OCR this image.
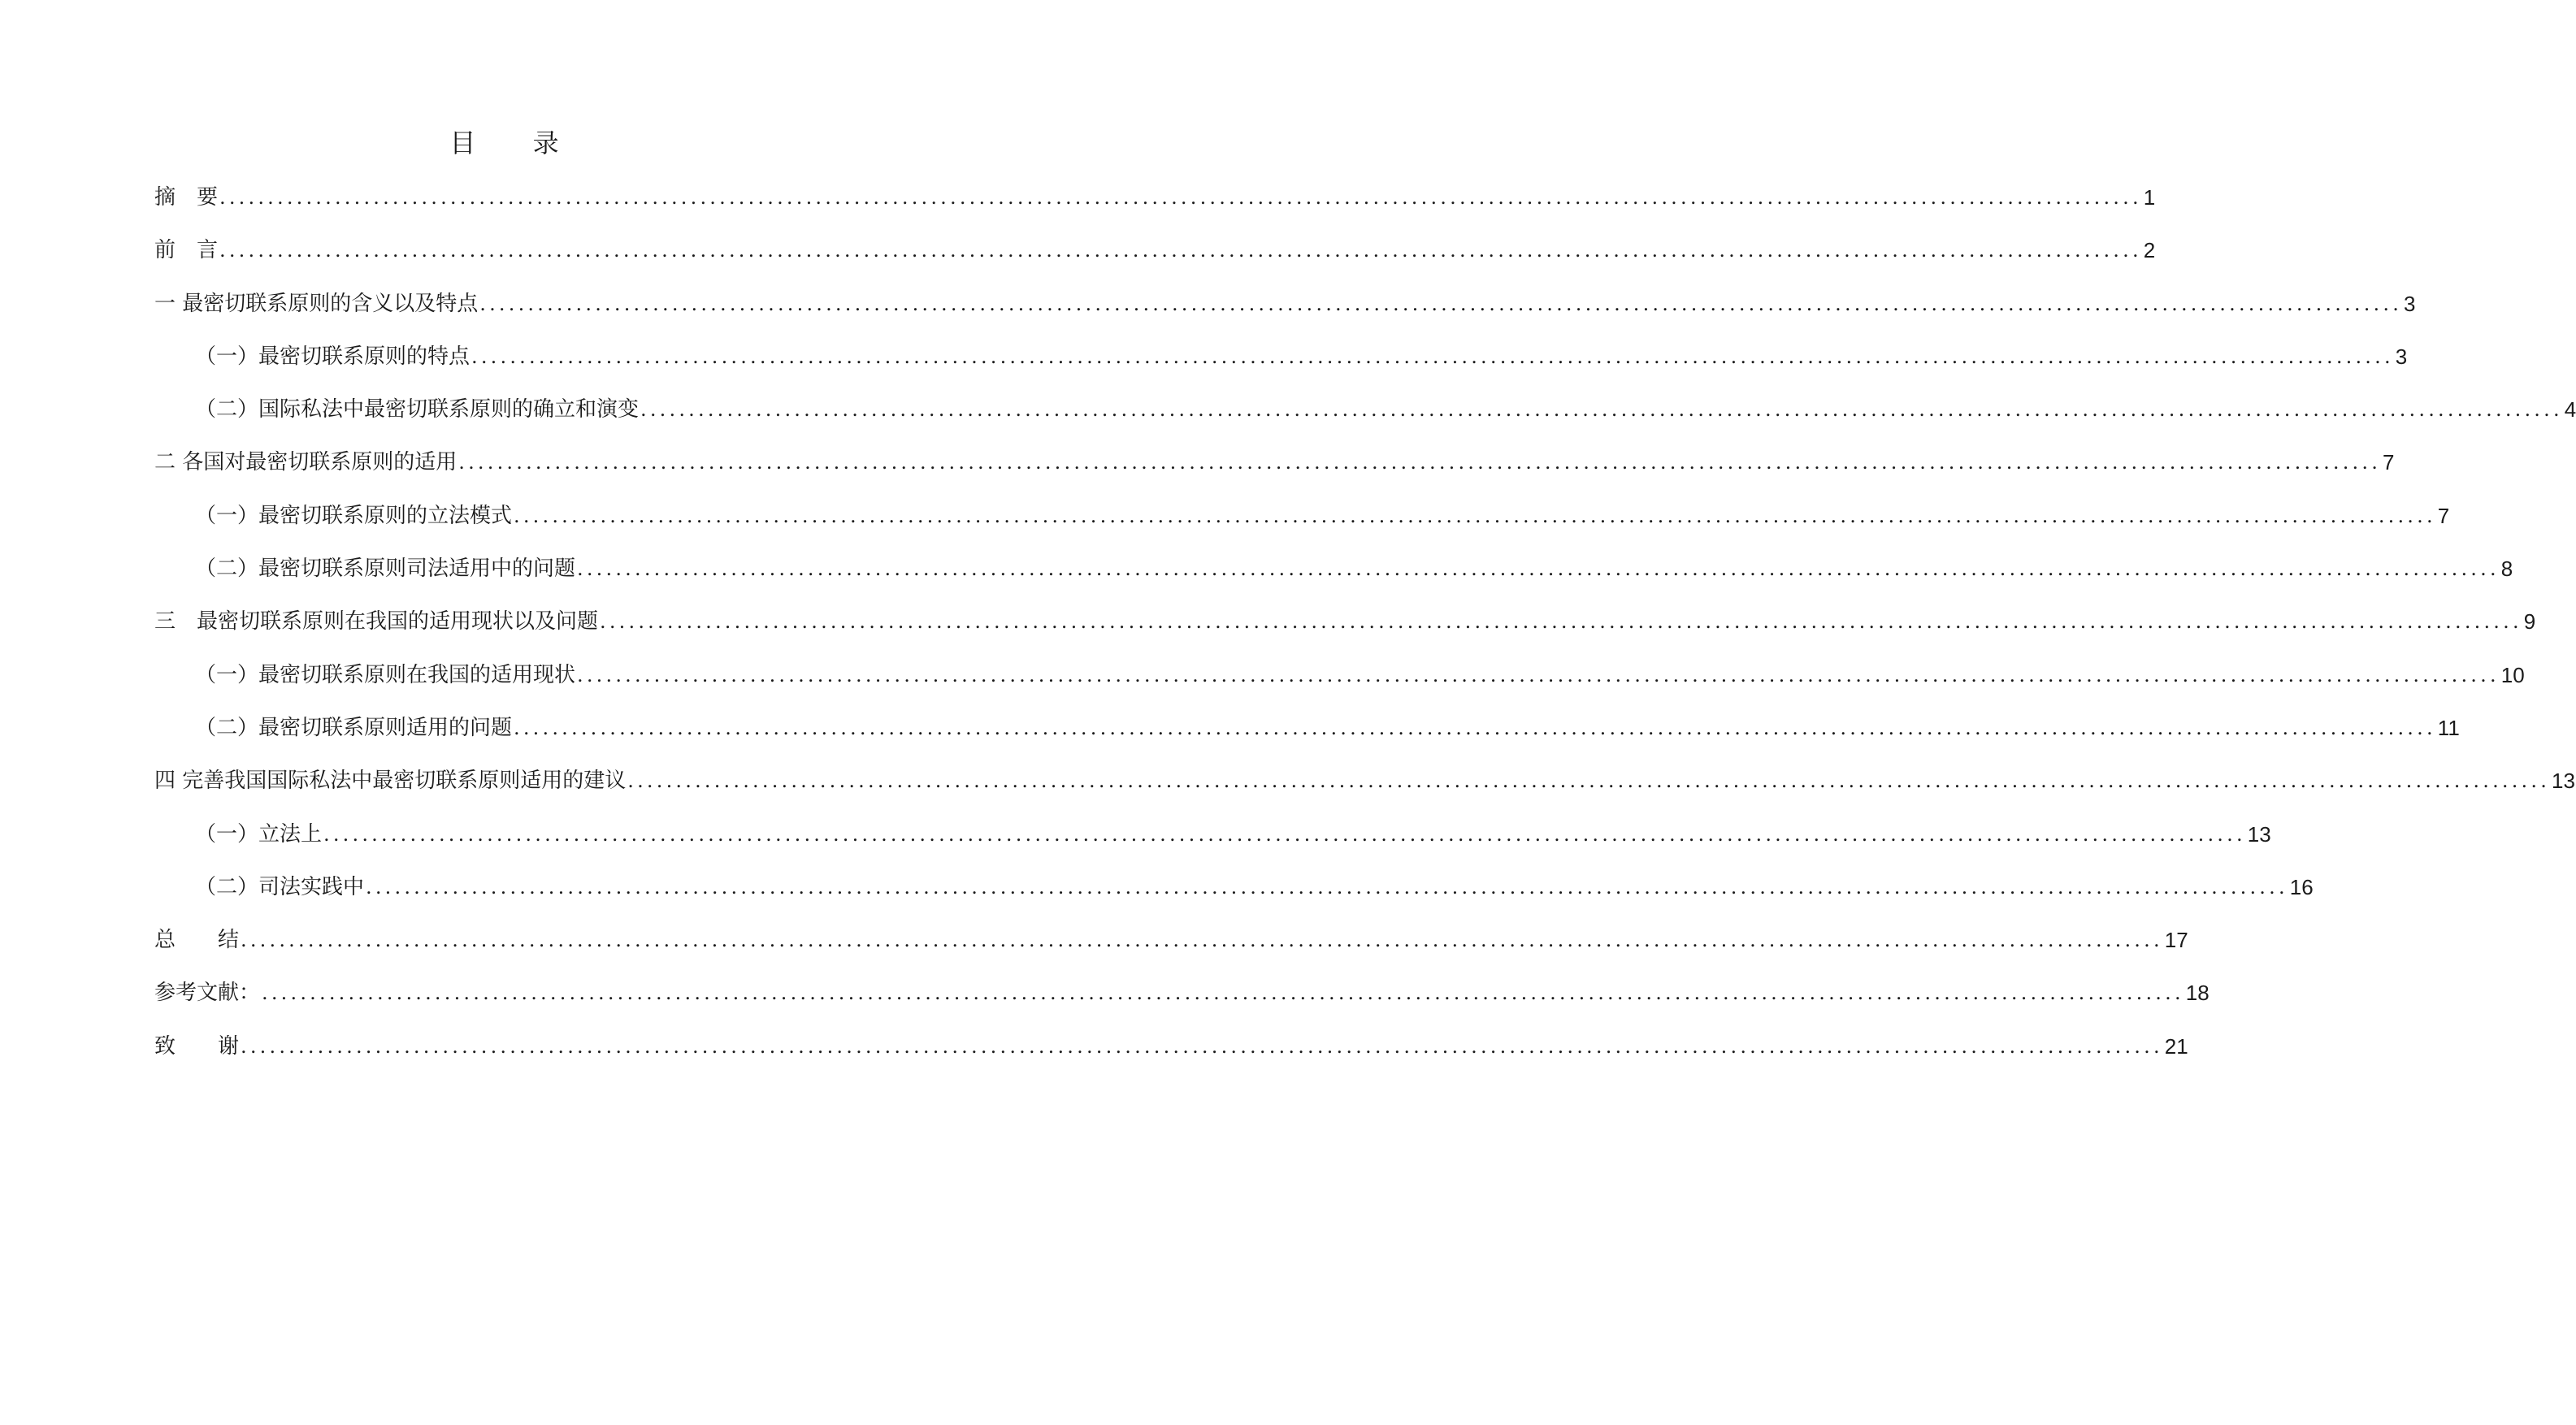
目 录
摘　要 ........................................................................................................................................................................................................ 1
前　言 ........................................................................................................................................................................................................ 2
一 最密切联系原则的含义以及特点 ........................................................................................................................................................................................................ 3
（一）最密切联系原则的特点 ........................................................................................................................................................................................................ 3
（二）国际私法中最密切联系原则的确立和演变 ........................................................................................................................................................................................................ 4
二 各国对最密切联系原则的适用 ........................................................................................................................................................................................................ 7
（一）最密切联系原则的立法模式 ........................................................................................................................................................................................................ 7
（二）最密切联系原则司法适用中的问题 ........................................................................................................................................................................................................ 8
三　最密切联系原则在我国的适用现状以及问题 ........................................................................................................................................................................................................ 9
（一）最密切联系原则在我国的适用现状 ........................................................................................................................................................................................................ 10
（二）最密切联系原则适用的问题 ........................................................................................................................................................................................................ 11
四 完善我国国际私法中最密切联系原则适用的建议 ........................................................................................................................................................................................................ 13
（一）立法上 ........................................................................................................................................................................................................ 13
（二）司法实践中 ........................................................................................................................................................................................................ 16
总　　结 ........................................................................................................................................................................................................ 17
参考文献： ........................................................................................................................................................................................................ 18
致　　谢 ........................................................................................................................................................................................................ 21
